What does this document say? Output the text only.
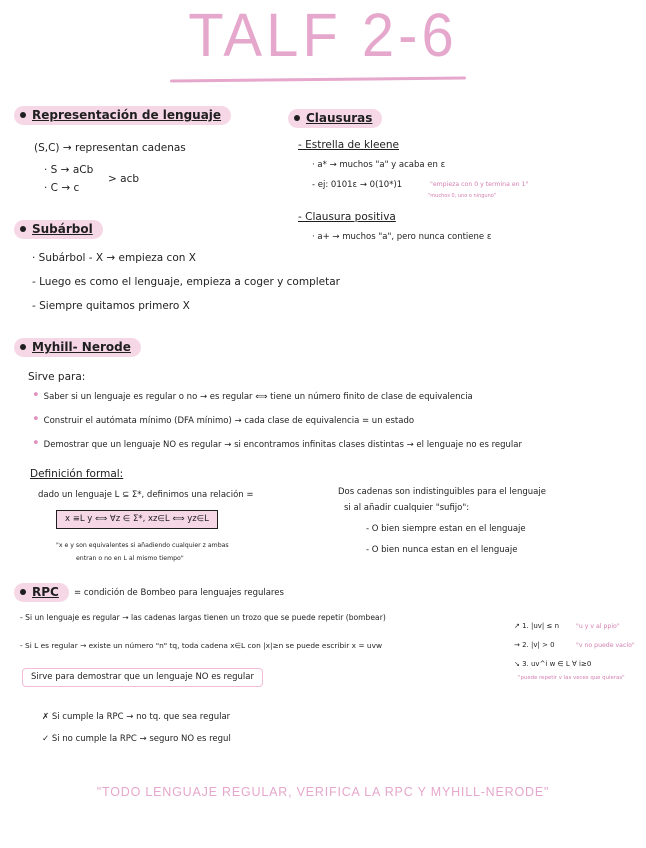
TALF 2-6
Representación de lenguaje
(S,C) → representan cadenas
· S → aCb
· C → c
> acb
Clausuras
- Estrella de kleene
· a* → muchos "a" y acaba en ε
- ej: 0101ε → 0(10*)1	"empieza con 0 y termina en 1"
"muchos 0, uno o ninguno"
- Clausura positiva
· a+ → muchos "a", pero nunca contiene ε
Subárbol
· Subárbol - X → empieza con X
- Luego es como el lenguaje, empieza a coger y completar
- Siempre quitamos primero X
Myhill- Nerode
Sirve para:
• Saber si un lenguaje es regular o no → es regular ⟺ tiene un número finito de clase de equivalencia
• Construir el autómata mínimo (DFA mínimo) → cada clase de equivalencia = un estado
• Demostrar que un lenguaje NO es regular → si encontramos infinitas clases distintas → el lenguaje no es regular
Definición formal:
dado un lenguaje L ⊆ Σ*, definimos una relación =
x ≡L y ⟺ ∀z ∈ Σ*, xz∈L ⟺ yz∈L
"x e y son equivalentes si añadiendo cualquier z ambas
entran o no en L al mismo tiempo"
Dos cadenas son indistinguibles para el lenguaje
si al añadir cualquier "sufijo":
- O bien siempre estan en el lenguaje
- O bien nunca estan en el lenguaje
RPC = condición de Bombeo para lenguajes regulares
- Si un lenguaje es regular → las cadenas largas tienen un trozo que se puede repetir (bombear)
- Si L es regular → existe un número "n" tq, toda cadena x∈L con |x|≥n se puede escribir x = uvw
↗ 1. |uv| ≤ n	"u y v al ppio"
→ 2. |v| > 0	"v no puede vacío"
↘ 3. uv^i w ∈ L ∀ i≥0
"puede repetir v las veces que quieras"
Sirve para demostrar que un lenguaje NO es regular
✗ Si cumple la RPC → no tq. que sea regular
✓ Si no cumple la RPC → seguro NO es regul
"TODO LENGUAJE REGULAR, VERIFICA LA RPC Y MYHILL-NERODE"
